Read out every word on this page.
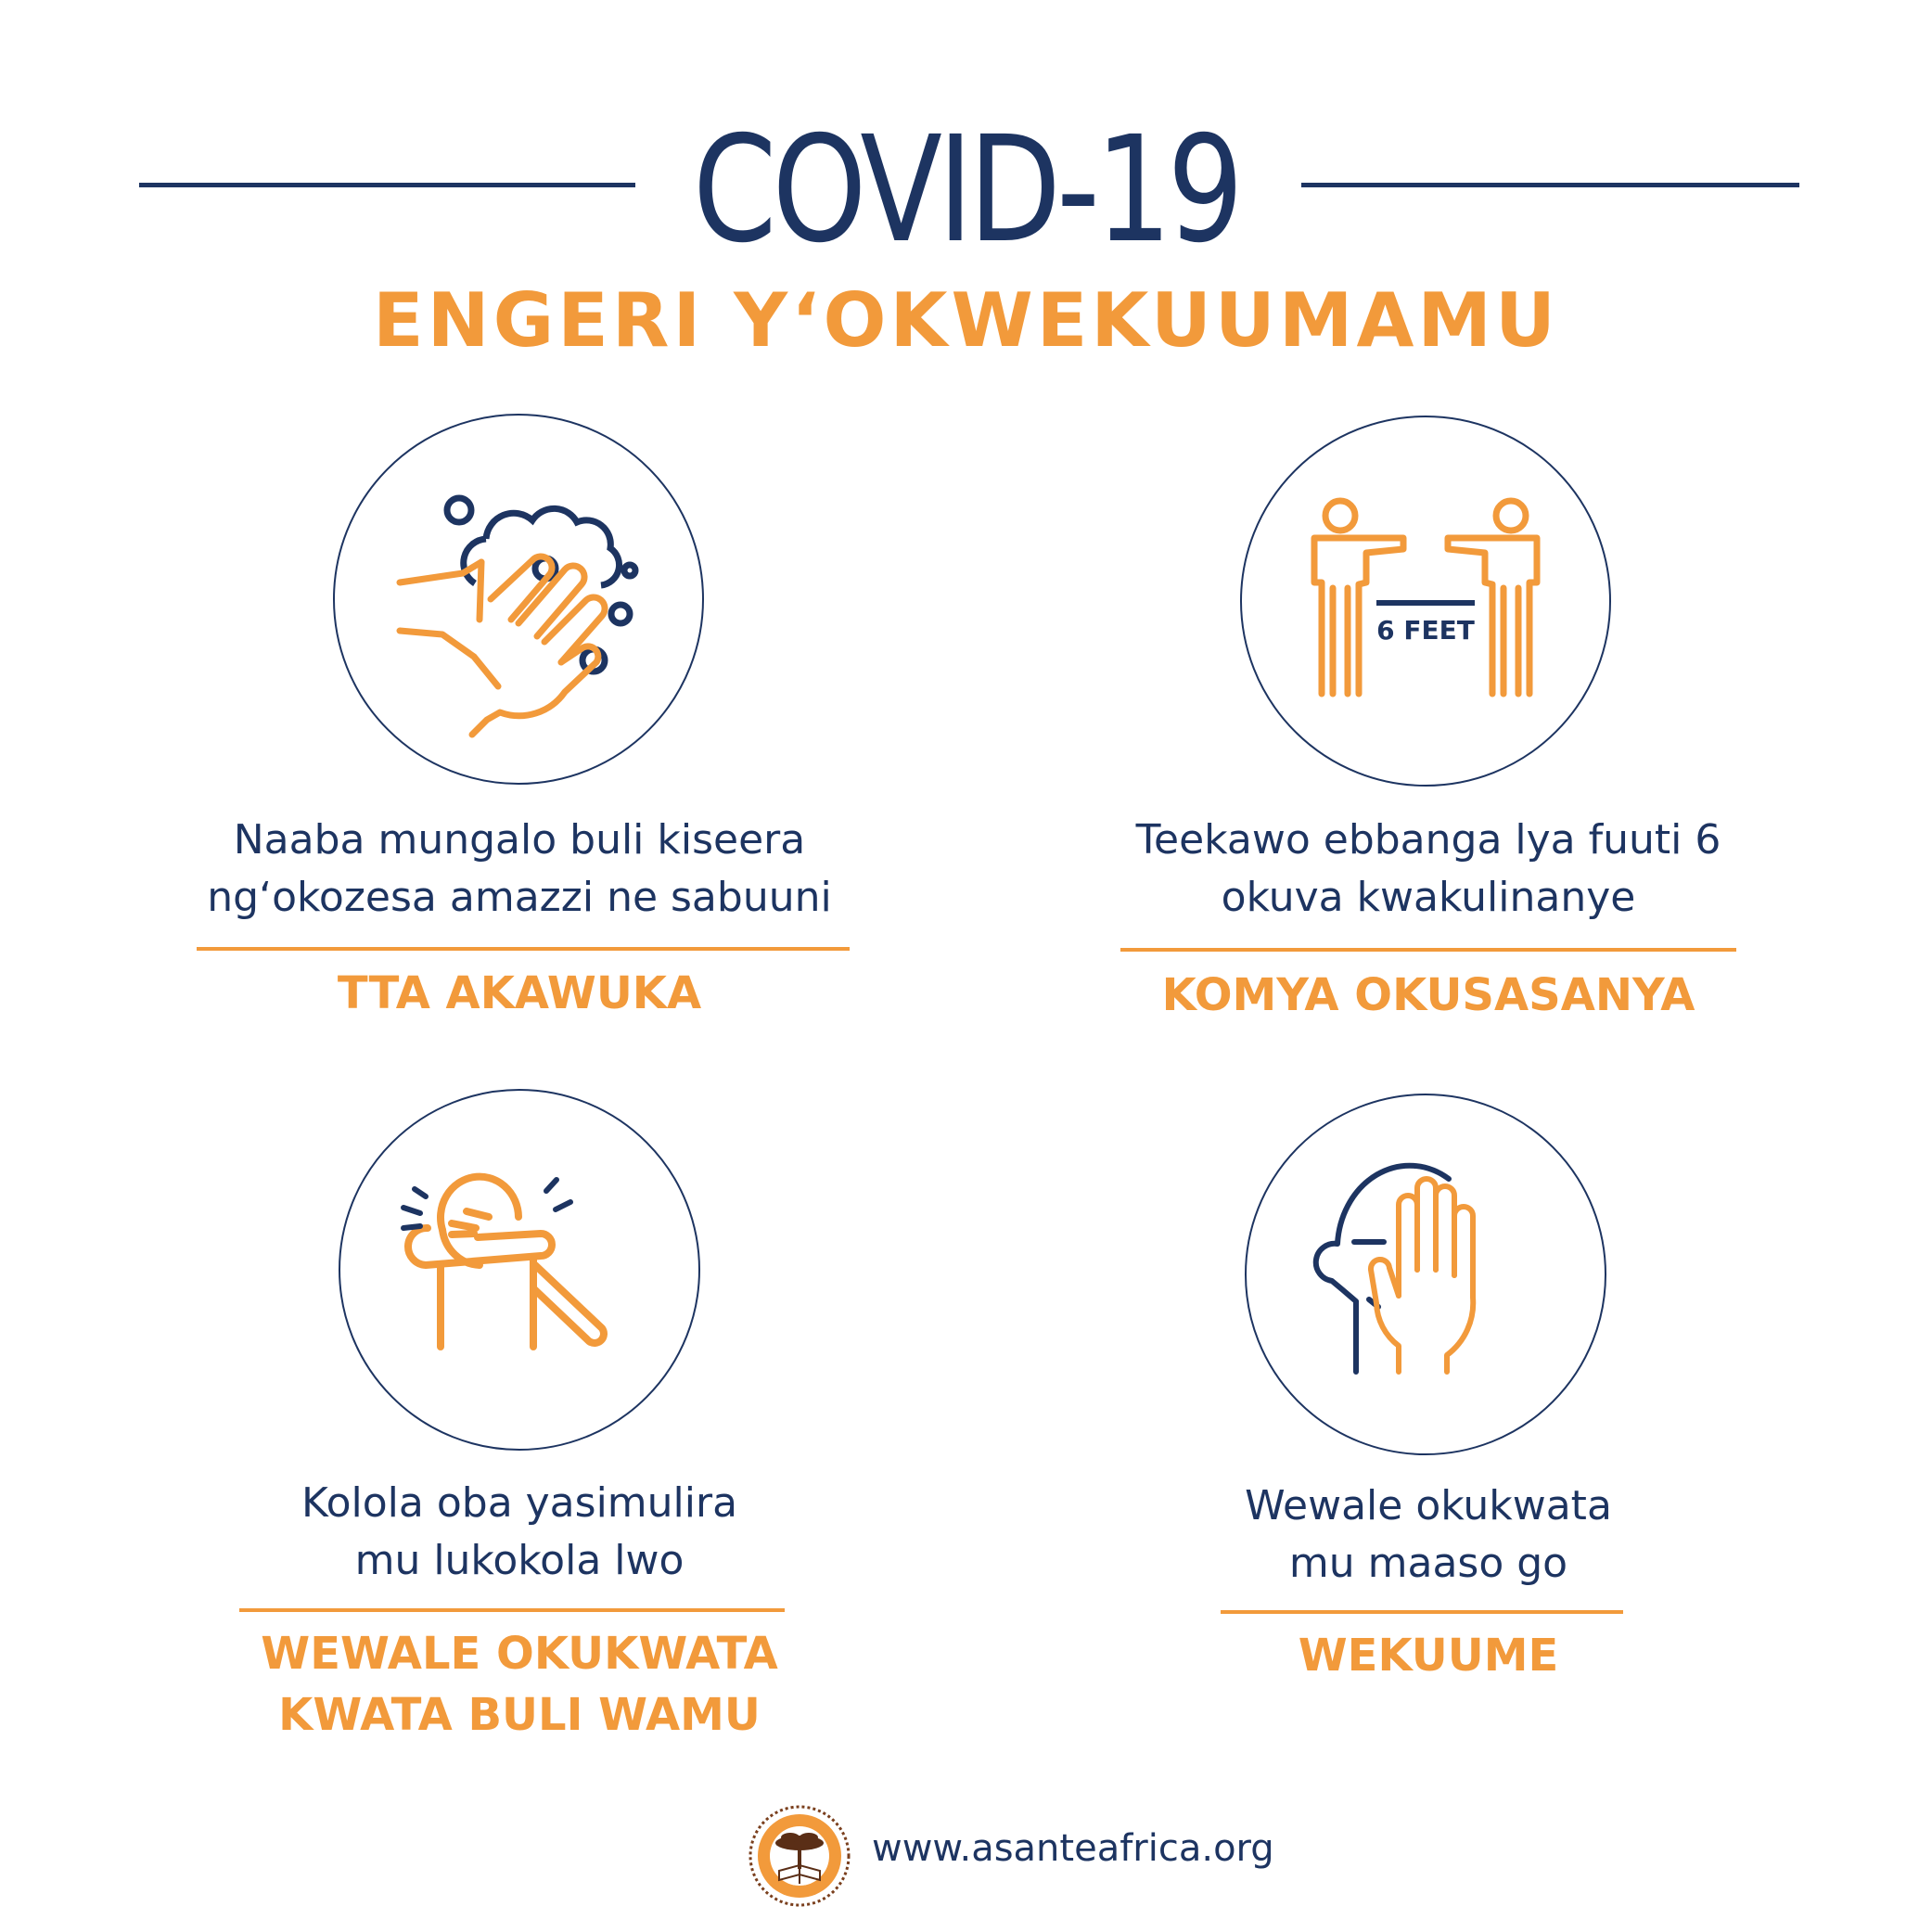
COVID-19
ENGERI Y‘OKWEKUUMAMU
Naaba mungalo buli kiseera
ng‘okozesa amazzi ne sabuuni
TTA AKAWUKA
6 FEET
Teekawo ebbanga lya fuuti 6
okuva kwakulinanye
KOMYA OKUSASANYA
Kolola oba yasimulira
mu lukokola lwo
WEWALE OKUKWATA
KWATA BULI WAMU
Wewale okukwata
mu maaso go
WEKUUME
www.asanteafrica.org
